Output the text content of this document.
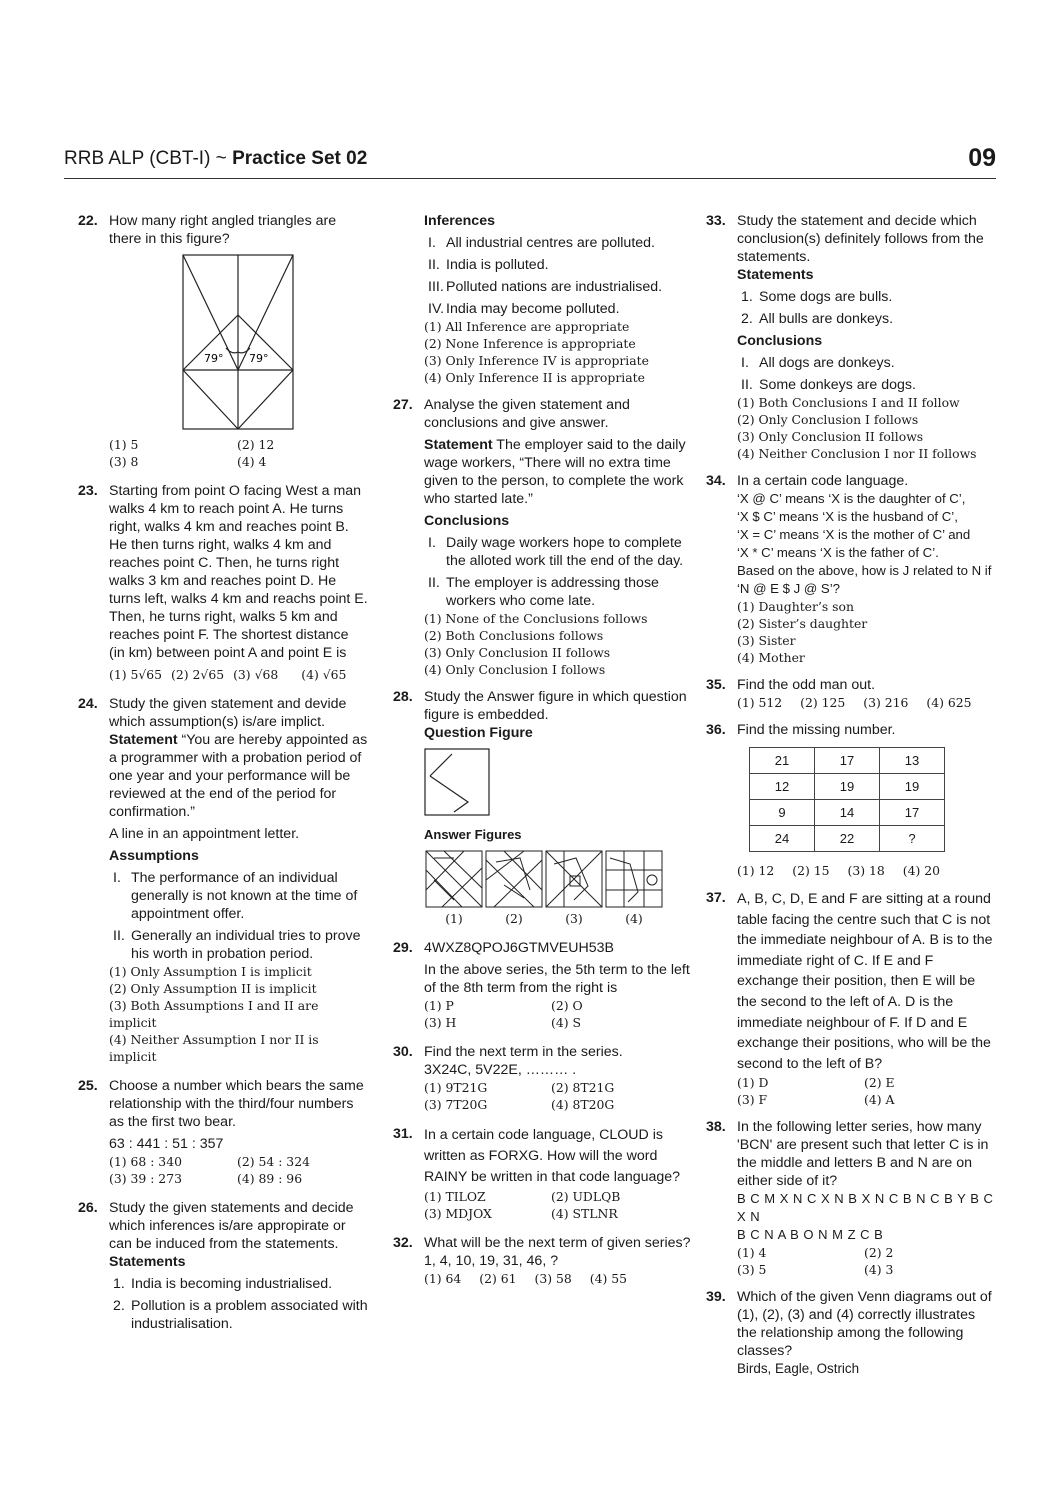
RRB ALP (CBT-I) ~ Practice Set 02	09
22. How many right angled triangles are there in this figure?
79° 79°
(1) 5	(2) 12
(3) 8	(4) 4
23. Starting from point O facing West a man walks 4 km to reach point A. He turns right, walks 4 km and reaches point B. He then turns right, walks 4 km and reaches point C. Then, he turns right walks 3 km and reaches point D. He turns left, walks 4 km and reachs point E. Then, he turns right, walks 5 km and reaches point F. The shortest distance (in km) between point A and point E is
(1) 5√65 (2) 2√65 (3) √68 (4) √65
24. Study the given statement and devide which assumption(s) is/are implict.
Statement “You are hereby appointed as a programmer with a probation period of one year and your performance will be reviewed at the end of the period for confirmation.”
A line in an appointment letter.
Assumptions
I. The performance of an individual generally is not known at the time of appointment offer.
II. Generally an individual tries to prove his worth in probation period.
(1) Only Assumption I is implicit
(2) Only Assumption II is implicit
(3) Both Assumptions I and II are implicit
(4) Neither Assumption I nor II is implicit
25. Choose a number which bears the same relationship with the third/four numbers as the first two bear.
63 : 441 : 51 : 357
(1) 68 : 340	(2) 54 : 324
(3) 39 : 273	(4) 89 : 96
26. Study the given statements and decide which inferences is/are appropirate or can be induced from the statements.
Statements
1. India is becoming industrialised.
2. Pollution is a problem associated with industrialisation.
Inferences
I. All industrial centres are polluted.
II. India is polluted.
III. Polluted nations are industrialised.
IV. India may become polluted.
(1) All Inference are appropriate
(2) None Inference is appropriate
(3) Only Inference IV is appropriate
(4) Only Inference II is appropriate
27. Analyse the given statement and conclusions and give answer.
Statement The employer said to the daily wage workers, “There will no extra time given to the person, to complete the work who started late.”
Conclusions
I. Daily wage workers hope to complete the alloted work till the end of the day.
II. The employer is addressing those workers who come late.
(1) None of the Conclusions follows
(2) Both Conclusions follows
(3) Only Conclusion II follows
(4) Only Conclusion I follows
28. Study the Answer figure in which question figure is embedded.
Question Figure
Answer Figures
(1)	(2)	(3)	(4)
29. 4WXZ8QPOJ6GTMVEUH53B
In the above series, the 5th term to the left of the 8th term from the right is
(1) P	(2) O
(3) H	(4) S
30. Find the next term in the series.
3X24C, 5V22E, ……… .
(1) 9T21G	(2) 8T21G
(3) 7T20G	(4) 8T20G
31. In a certain code language, CLOUD is written as FORXG. How will the word RAINY be written in that code language?
(1) TILOZ	(2) UDLQB
(3) MDJOX	(4) STLNR
32. What will be the next term of given series?
1, 4, 10, 19, 31, 46, ?
(1) 64 (2) 61 (3) 58 (4) 55
33. Study the statement and decide which conclusion(s) definitely follows from the statements.
Statements
1. Some dogs are bulls.
2. All bulls are donkeys.
Conclusions
I. All dogs are donkeys.
II. Some donkeys are dogs.
(1) Both Conclusions I and II follow
(2) Only Conclusion I follows
(3) Only Conclusion II follows
(4) Neither Conclusion I nor II follows
34. In a certain code language.
‘X @ C’ means ‘X is the daughter of C’,
‘X $ C’ means ‘X is the husband of C’,
‘X = C’ means ‘X is the mother of C’ and
‘X * C’ means ‘X is the father of C’.
Based on the above, how is J related to N if ‘N @ E $ J @ S’?
(1) Daughter’s son
(2) Sister’s daughter
(3) Sister
(4) Mother
35. Find the odd man out.
(1) 512 (2) 125 (3) 216 (4) 625
36. Find the missing number.
21	17	13
12	19	19
9	14	17
24	22	?
(1) 12 (2) 15 (3) 18 (4) 20
37. A, B, C, D, E and F are sitting at a round table facing the centre such that C is not the immediate neighbour of A. B is to the immediate right of C. If E and F exchange their position, then E will be the second to the left of A. D is the immediate neighbour of F. If D and E exchange their positions, who will be the second to the left of B?
(1) D	(2) E
(3) F	(4) A
38. In the following letter series, how many 'BCN' are present such that letter C is in the middle and letters B and N are on either side of it?
B C M X N C X N B X N C B N C B Y B C X N
B C N A B O N M Z C B
(1) 4	(2) 2
(3) 5	(4) 3
39. Which of the given Venn diagrams out of (1), (2), (3) and (4) correctly illustrates the relationship among the following classes?
Birds, Eagle, Ostrich
